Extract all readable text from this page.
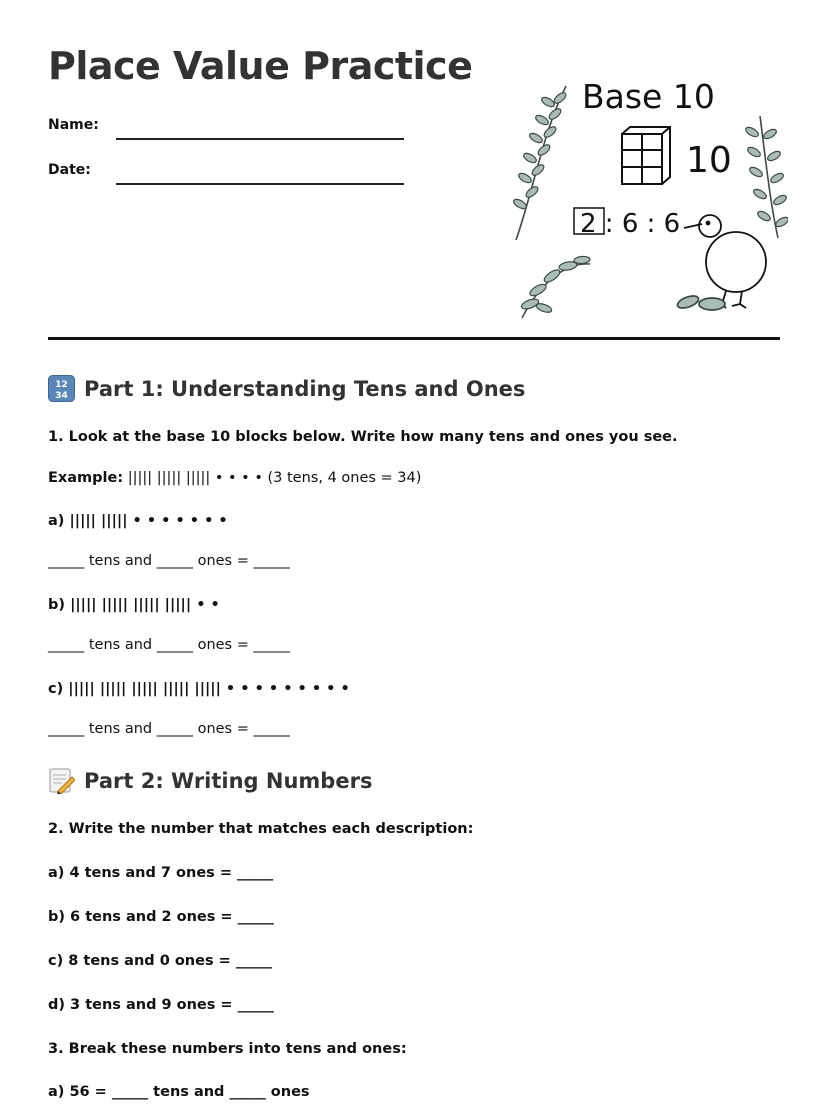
Place Value Practice
Name:
Date:
Base 10
10
2 : 6 : 6
12
34 Part 1: Understanding Tens and Ones
1. Look at the base 10 blocks below. Write how many tens and ones you see.
Example: ||||| ||||| ||||| • • • • (3 tens, 4 ones = 34)
a) ||||| ||||| • • • • • • •
_____ tens and _____ ones = _____
b) ||||| ||||| ||||| ||||| • •
_____ tens and _____ ones = _____
c) ||||| ||||| ||||| ||||| ||||| • • • • • • • • •
_____ tens and _____ ones = _____
Part 2: Writing Numbers
2. Write the number that matches each description:
a) 4 tens and 7 ones = _____
b) 6 tens and 2 ones = _____
c) 8 tens and 0 ones = _____
d) 3 tens and 9 ones = _____
3. Break these numbers into tens and ones:
a) 56 = _____ tens and _____ ones
